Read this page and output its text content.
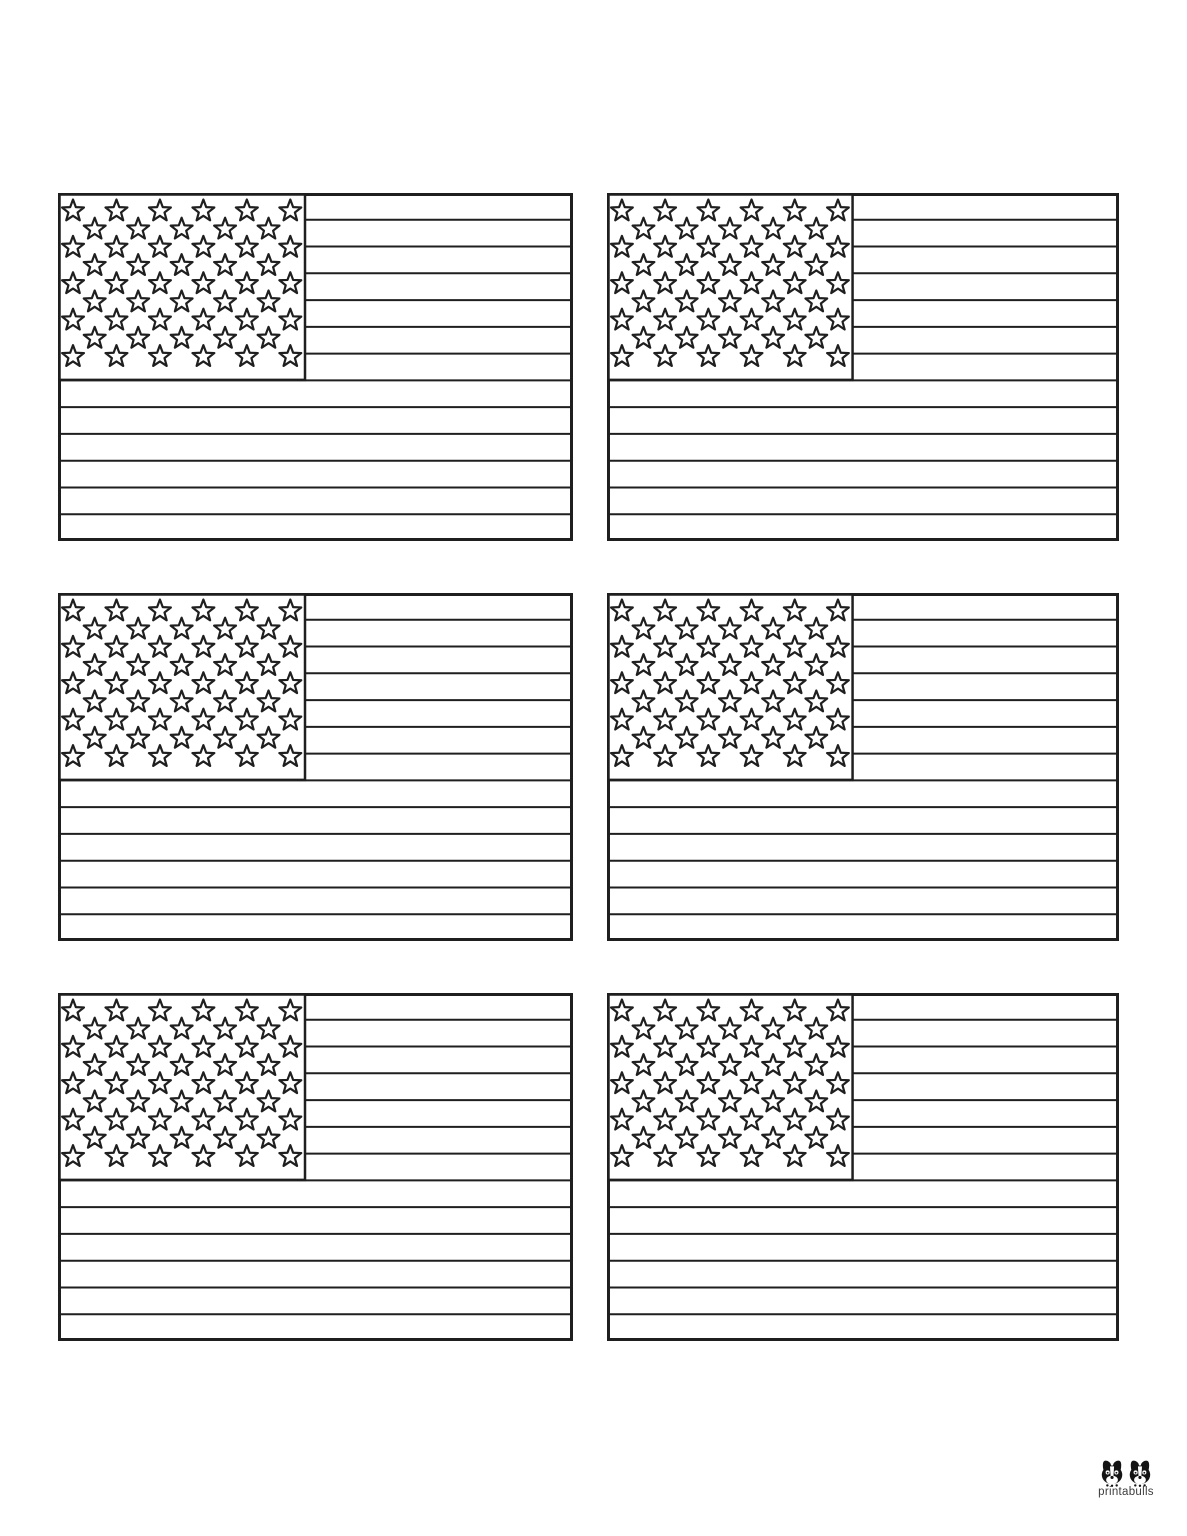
printabulls
